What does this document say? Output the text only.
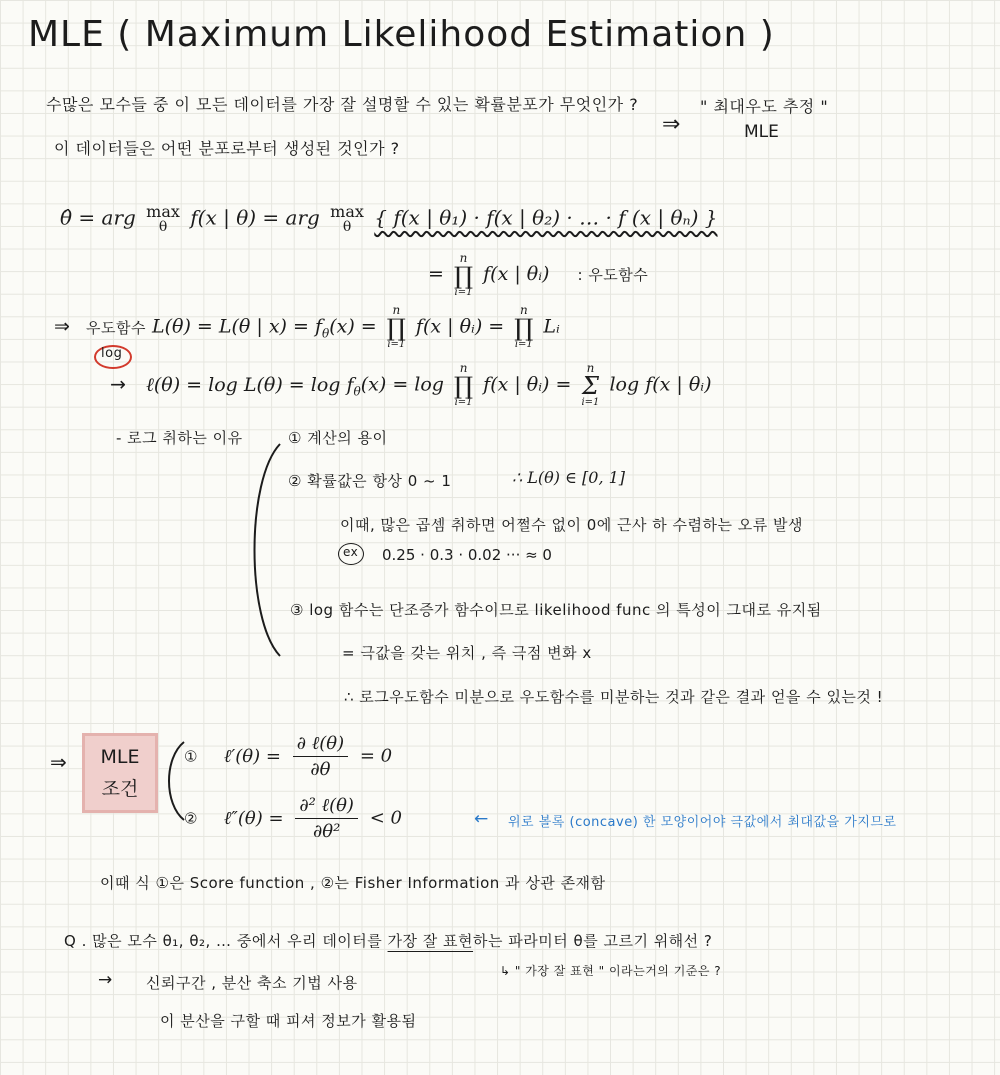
MLE ( Maximum Likelihood Estimation )
수많은 모수들 중 이 모든 데이터를 가장 잘 설명할 수 있는 확률분포가 무엇인가 ?
이 데이터들은 어떤 분포로부터 생성된 것인가 ?
⇒
" 최대우도 추정 "
MLE
θ̂ = arg max
θ f(x | θ) = arg max
θ { f(x | θ₁) · f(x | θ₂) · … · f (x | θₙ) }
=
n
∏
i=1
f(x | θᵢ) : 우도함수
⇒ 우도함수 L(θ) = L(θ | $x) = f_\theta(x)$ =
n
∏
i=1
f(x | θᵢ) =
n
∏
i=1
Lᵢ
log
→ ℓ(θ) = $\log L(\theta) = \log f_\theta(x) = \log$
n
∏
i=1
f(x | θᵢ) =
n
Σ
i=1
log f(x | θᵢ)
- 로그 취하는 이유	① 계산의 용이
② 확률값은 항상 0 ~ 1	∴ L(θ) ∈ [0, 1]
이때, 많은 곱셈 취하면 어쩔수 없이 0에 근사 하 수렴하는 오류 발생
ex 0.25 · 0.3 · 0.02 ··· ≈ 0
③ log 함수는 단조증가 함수이므로 likelihood func 의 특성이 그대로 유지됨
= 극값을 갖는 위치 , 즉 극점 변화 x
∴ 로그우도함수 미분으로 우도함수를 미분하는 것과 같은 결과 얻을 수 있는것 !
⇒ MLE
조건
① ℓ′(θ) = $\frac{\text{∂ ℓ(θ)}}{\partial\theta} = 0$
② ℓ″(θ) = $\frac{\text{∂² ℓ(θ)}}{\text{∂θ²}} < 0$	← 위로 볼록 (concave) 한 모양이어야 극값에서 최대값을 가지므로
이때 식 ①은 Score function , ②는 Fisher Information 과 상관 존재함
Q . 많은 모수 θ₁, θ₂, … 중에서 우리 데이터를 가장 잘 표현하는 파라미터 θ를 고르기 위해선 ?
↳ " 가장 잘 표현 " 이라는거의 기준은 ?
→ 신뢰구간 , 분산 축소 기법 사용
이 분산을 구할 때 피셔 정보가 활용됨
